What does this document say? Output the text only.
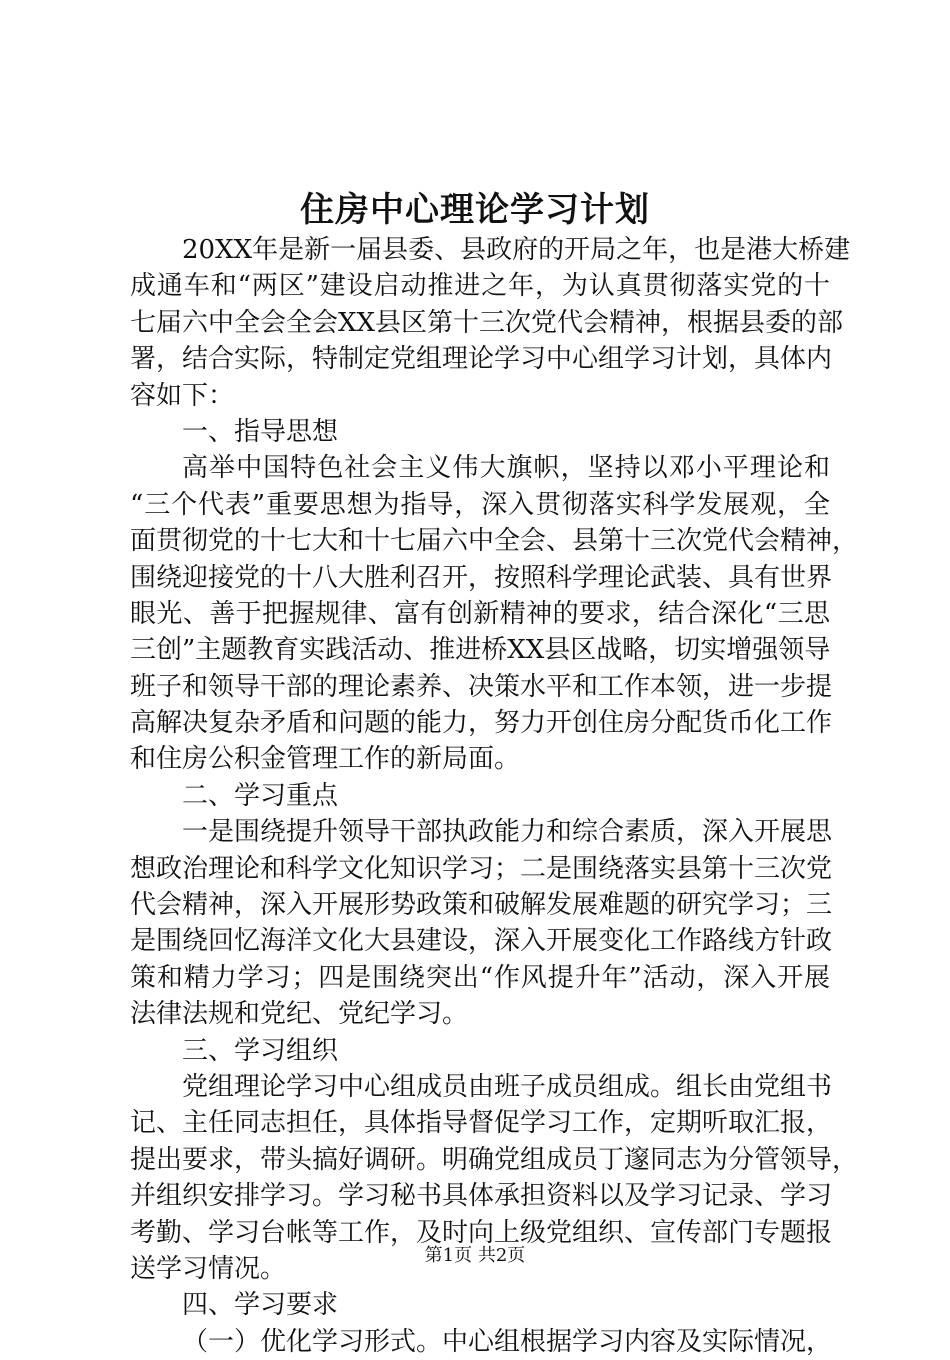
住房中心理论学习计划
20XX年是新一届县委、县政府的开局之年，也是港大桥建
成通车和“两区”建设启动推进之年，为认真贯彻落实党的十
七届六中全会全会XX县区第十三次党代会精神，根据县委的部
署，结合实际，特制定党组理论学习中心组学习计划，具体内
容如下：
一、指导思想
高举中国特色社会主义伟大旗帜，坚持以邓小平理论和
“三个代表”重要思想为指导，深入贯彻落实科学发展观，全
面贯彻党的十七大和十七届六中全会、县第十三次党代会精神，
围绕迎接党的十八大胜利召开，按照科学理论武装、具有世界
眼光、善于把握规律、富有创新精神的要求，结合深化“三思
三创”主题教育实践活动、推进桥XX县区战略，切实增强领导
班子和领导干部的理论素养、决策水平和工作本领，进一步提
高解决复杂矛盾和问题的能力，努力开创住房分配货币化工作
和住房公积金管理工作的新局面。
二、学习重点
一是围绕提升领导干部执政能力和综合素质，深入开展思
想政治理论和科学文化知识学习；二是围绕落实县第十三次党
代会精神，深入开展形势政策和破解发展难题的研究学习；三
是围绕回忆海洋文化大县建设，深入开展变化工作路线方针政
策和精力学习；四是围绕突出“作风提升年”活动，深入开展
法律法规和党纪、党纪学习。
三、学习组织
党组理论学习中心组成员由班子成员组成。组长由党组书
记、主任同志担任，具体指导督促学习工作，定期听取汇报，
提出要求，带头搞好调研。明确党组成员丁邃同志为分管领导，
并组织安排学习。学习秘书具体承担资料以及学习记录、学习
考勤、学习台帐等工作，及时向上级党组织、宣传部门专题报
送学习情况。
四、学习要求
（一）优化学习形式。中心组根据学习内容及实际情况，
第1页 共2页
